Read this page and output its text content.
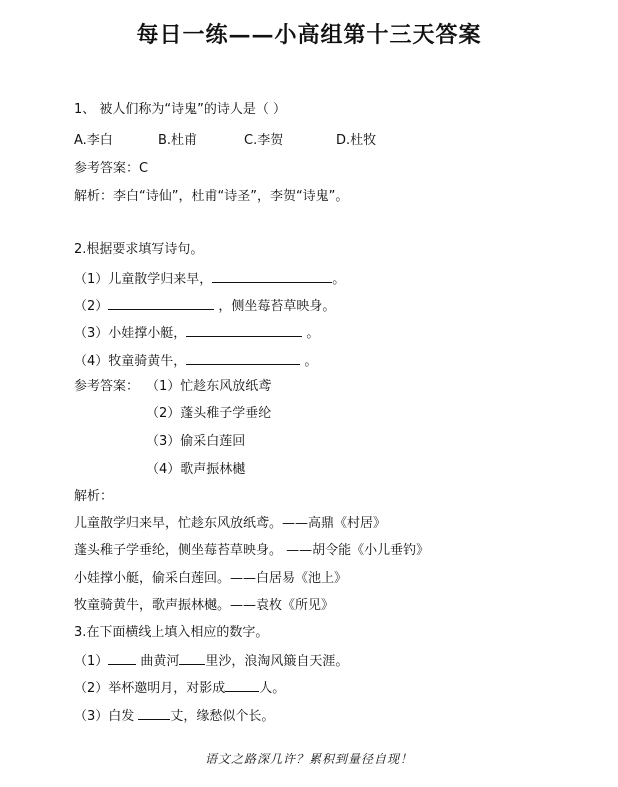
每日一练——小高组第十三天答案
1、 被人们称为“诗鬼”的诗人是（ ）
A.李白	B.杜甫	C.李贺	D.杜牧
参考答案：C
解析：李白“诗仙”，杜甫“诗圣”，李贺“诗鬼”。
2.根据要求填写诗句。
（1）儿童散学归来早，	。
（2）	，侧坐莓苔草映身。
（3）小娃撑小艇，	。
（4）牧童骑黄牛，	。
参考答案： （1）忙趁东风放纸鸢
（2）蓬头稚子学垂纶
（3）偷采白莲回
（4）歌声振林樾
解析：
儿童散学归来早，忙趁东风放纸鸢。——高鼎《村居》
蓬头稚子学垂纶，侧坐莓苔草映身。 ——胡令能《小儿垂钓》
小娃撑小艇，偷采白莲回。——白居易《池上》
牧童骑黄牛，歌声振林樾。——袁枚《所见》
3.在下面横线上填入相应的数字。
（1） 曲黄河 里沙，浪淘风簸自天涯。
（2）举杯邀明月，对影成	人。
（3）白发 丈，缘愁似个长。
语文之路深几许？累积到量径自现！
